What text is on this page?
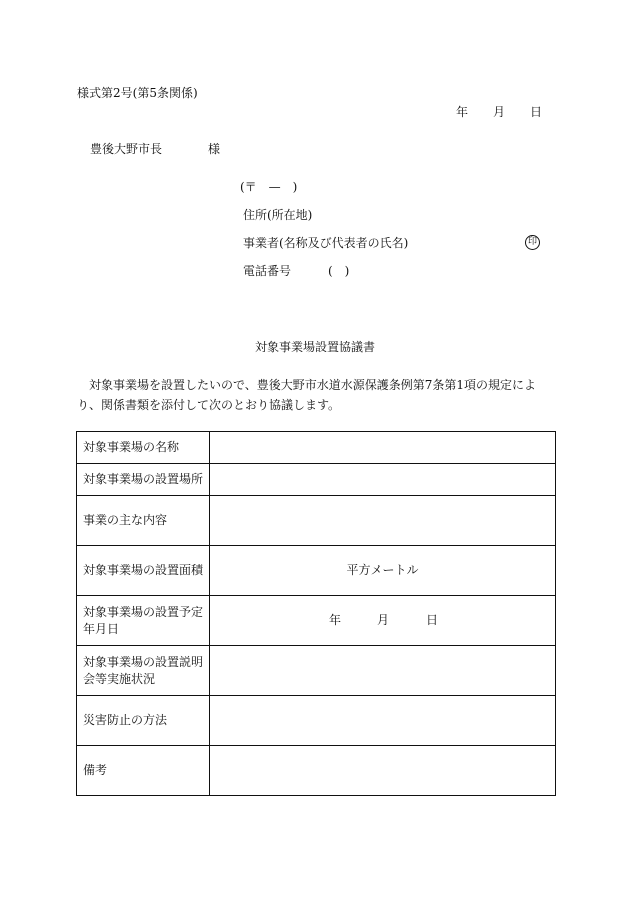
様式第2号(第5条関係)
年 月 日
豊後大野市長	様
(〒　—　)
住所(所在地)
事業者(名称及び代表者の氏名)	印
電話番号	(　)
対象事業場設置協議書
対象事業場を設置したいので、豊後大野市水道水源保護条例第7条第1項の規定により、関係書類を添付して次のとおり協議します。
対象事業場の名称	
対象事業場の設置場所	
事業の主な内容	
対象事業場の設置面積	平方メートル
対象事業場の設置予定年月日	年 月 日

対象事業場の設置説明会等実施状況	
災害防止の方法	
備考	
